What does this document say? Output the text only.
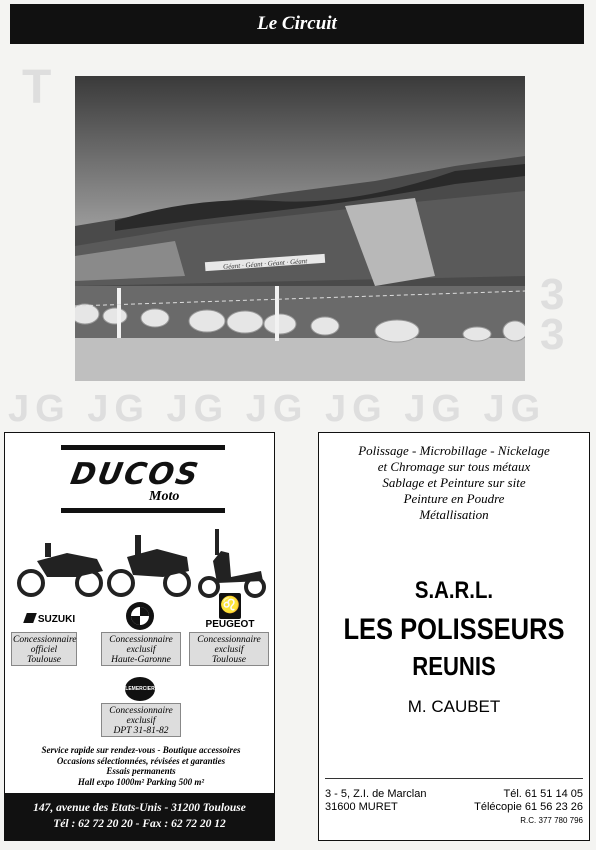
Le Circuit
T
3
3
JG JG JG JG JG JG JG
Géant · Géant · Géant · Géant
DUCOS
Moto
SUZUKI
♌
PEUGEOT
Concessionnaire
officiel
Toulouse
Concessionnaire
exclusif
Haute-Garonne
Concessionnaire
exclusif
Toulouse
LEMERCIER
Concessionnaire
exclusif
DPT 31-81-82
Service rapide sur rendez-vous - Boutique accessoires
Occasions sélectionnées, révisées et garanties
Essais permanents
Hall expo 1000m² Parking 500 m²
147, avenue des Etats-Unis - 31200 Toulouse
Tél : 62 72 20 20 - Fax : 62 72 20 12
Polissage - Microbillage - Nickelage
et Chromage sur tous métaux
Sablage et Peinture sur site
Peinture en Poudre
Métallisation
S.A.R.L.
LES POLISSEURS
REUNIS
M. CAUBET
3 - 5, Z.I. de Marclan
31600 MURET
Tél. 61 51 14 05
Télécopie 61 56 23 26
R.C. 377 780 796
